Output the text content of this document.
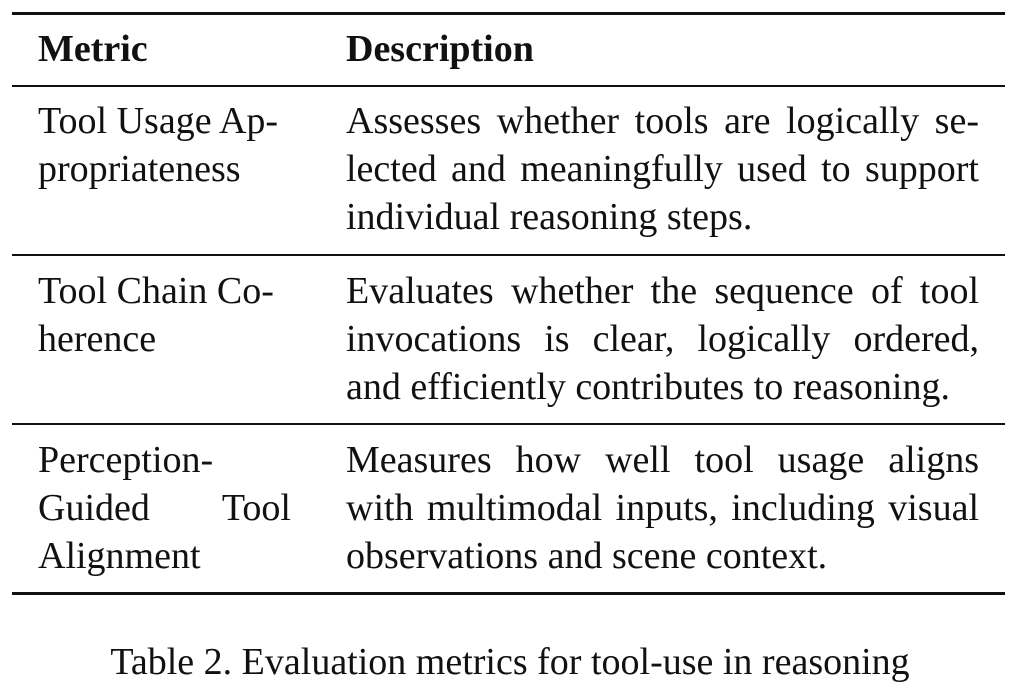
Metric	Description
Tool Usage Ap-
propriateness
Assesses whether tools are logically se-
lected and meaningfully used to support
individual reasoning steps.
Tool Chain Co-
herence
Evaluates whether the sequence of tool
invocations is clear, logically ordered,
and efficiently contributes to reasoning.
Perception-
Guided Tool
Alignment
Measures how well tool usage aligns
with multimodal inputs, including visual
observations and scene context.
Table 2. Evaluation metrics for tool-use in reasoning
